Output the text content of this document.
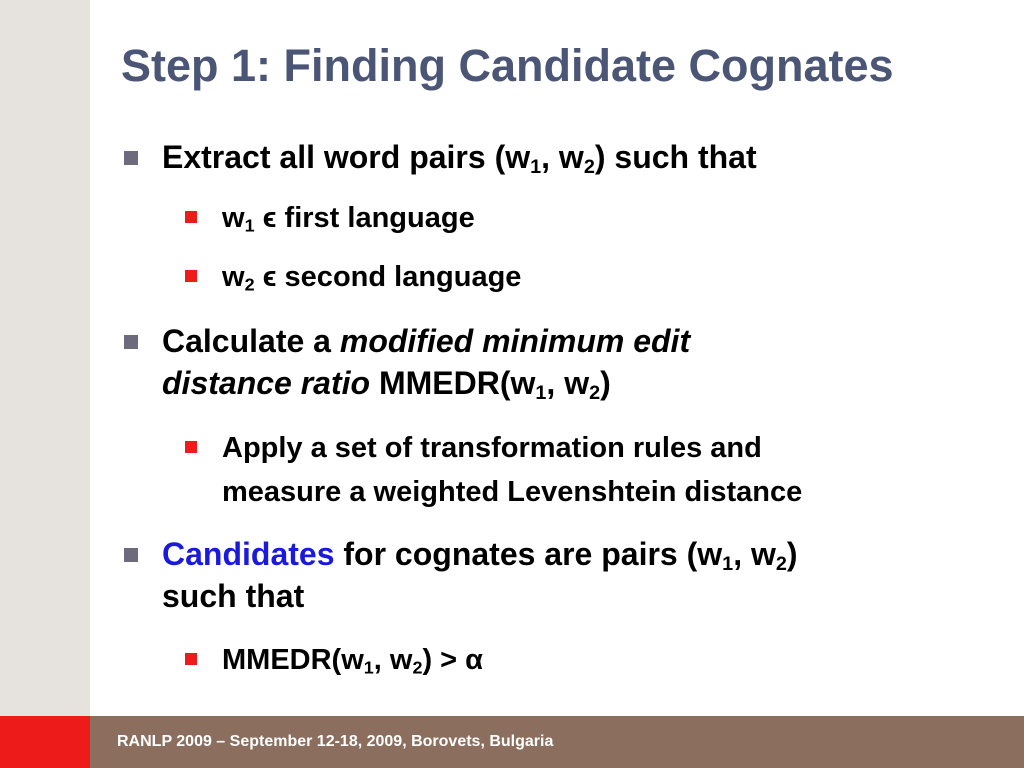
Step 1: Finding Candidate Cognates
Extract all word pairs ($w_1$, $w_2$) such that
$w_1$ ϵ first language
$w_2$ ϵ second language
Calculate a modified minimum edit
distance ratio $MMEDR(w_1$, $w_2$)
Apply a set of transformation rules and
measure a weighted Levenshtein distance
Candidates for cognates are pairs ($w_1$, $w_2$)
such that
$MMEDR(w_1$, $w_2) > \alpha$
RANLP 2009 – September 12-18, 2009, Borovets, Bulgaria
